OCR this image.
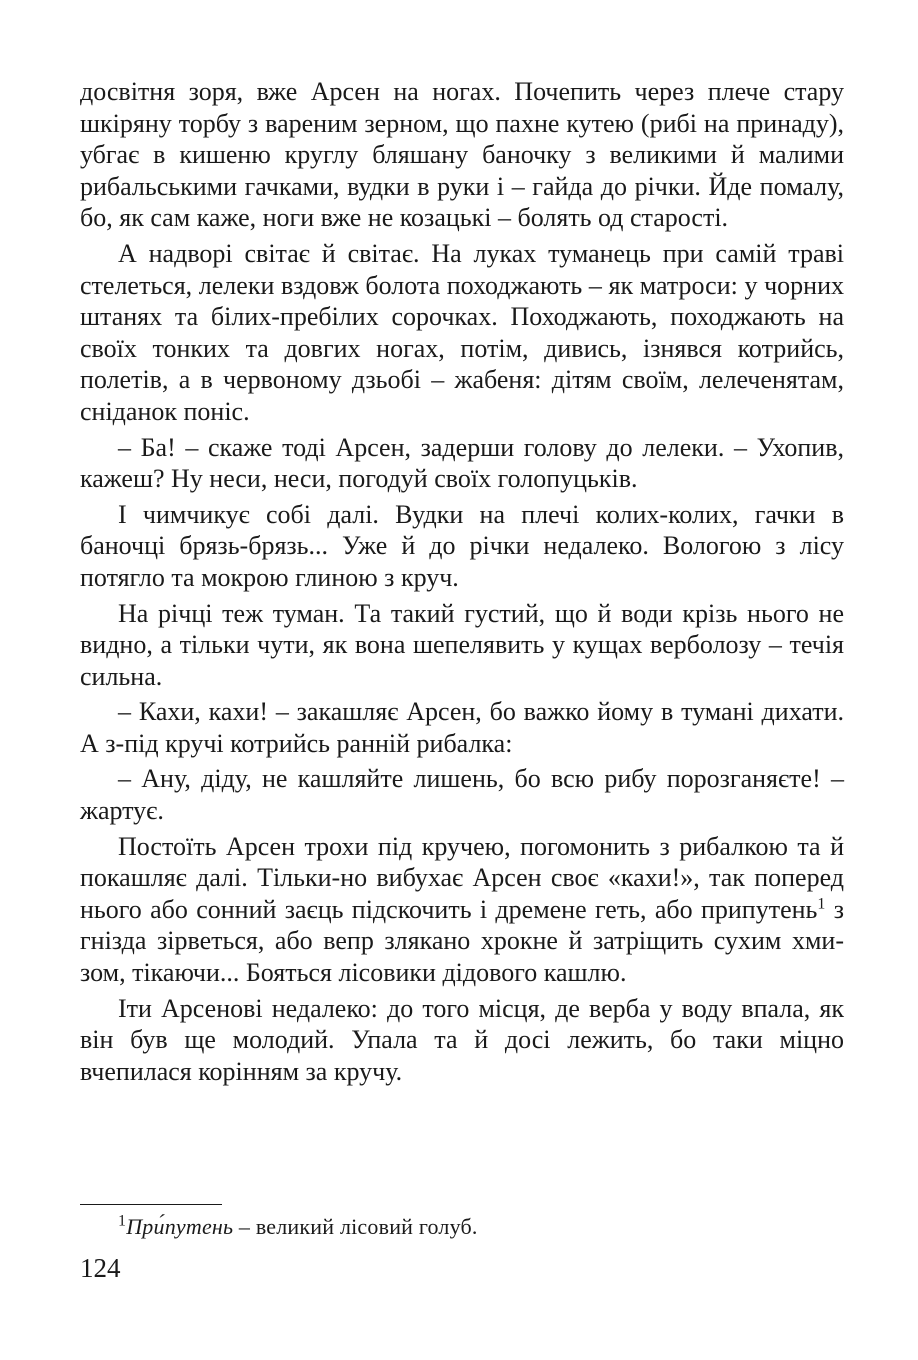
досвітня зоря, вже Арсен на ногах. Почепить через плече стару шкіряну торбу з вареним зерном, що пахне кутею (рибі на принаду), убгає в кишеню круглу бляшану баночку з великими й малими рибальськими гачками, вудки в руки і – гайда до річки. Йде помалу, бо, як сам каже, ноги вже не козацькі – болять од старості.

А надворі світає й світає. На луках туманець при самій траві стелеться, лелеки вздовж болота походжають – як матроси: у чорних штанях та білих-пребілих сорочках. Походжають, походжають на своїх тонких та довгих ногах, потім, дивись, ізнявся котрийсь, полетів, а в червоному дзьобі – жабеня: дітям своїм, лелеченятам, сніданок поніс.

– Ба! – скаже тоді Арсен, задерши голову до лелеки. – Ухопив, кажеш? Ну неси, неси, погодуй своїх голопуцьків.

І чимчикує собі далі. Вудки на плечі колих-колих, гачки в баночці брязь-брязь... Уже й до річки недалеко. Вологою з лісу потягло та мокрою глиною з круч.

На річці теж туман. Та такий густий, що й води крізь нього не видно, а тільки чути, як вона шепелявить у кущах верболозу – течія сильна.

– Кахи, кахи! – закашляє Арсен, бо важко йому в тумані дихати. А з-під кручі котрийсь ранній рибалка:

– Ану, діду, не кашляйте лишень, бо всю рибу порозганяєте! – жартує.

Постоїть Арсен трохи під кручею, погомонить з рибалкою та й покашляє далі. Тільки-но вибухає Арсен своє «кахи!», так поперед нього або сонний заєць підскочить і дремене геть, або припутень$^1$ з гнізда зірветься, або вепр злякано хрокне й затріщить сухим хмизом, тікаючи... Бояться лісовики дідового кашлю.

Іти Арсенові недалеко: до того місця, де верба у воду впала, як він був ще молодий. Упала та й досі лежить, бо таки міцно вчепилася корінням за кручу.

$^1$При́путень – великий лісовий голуб.
124
